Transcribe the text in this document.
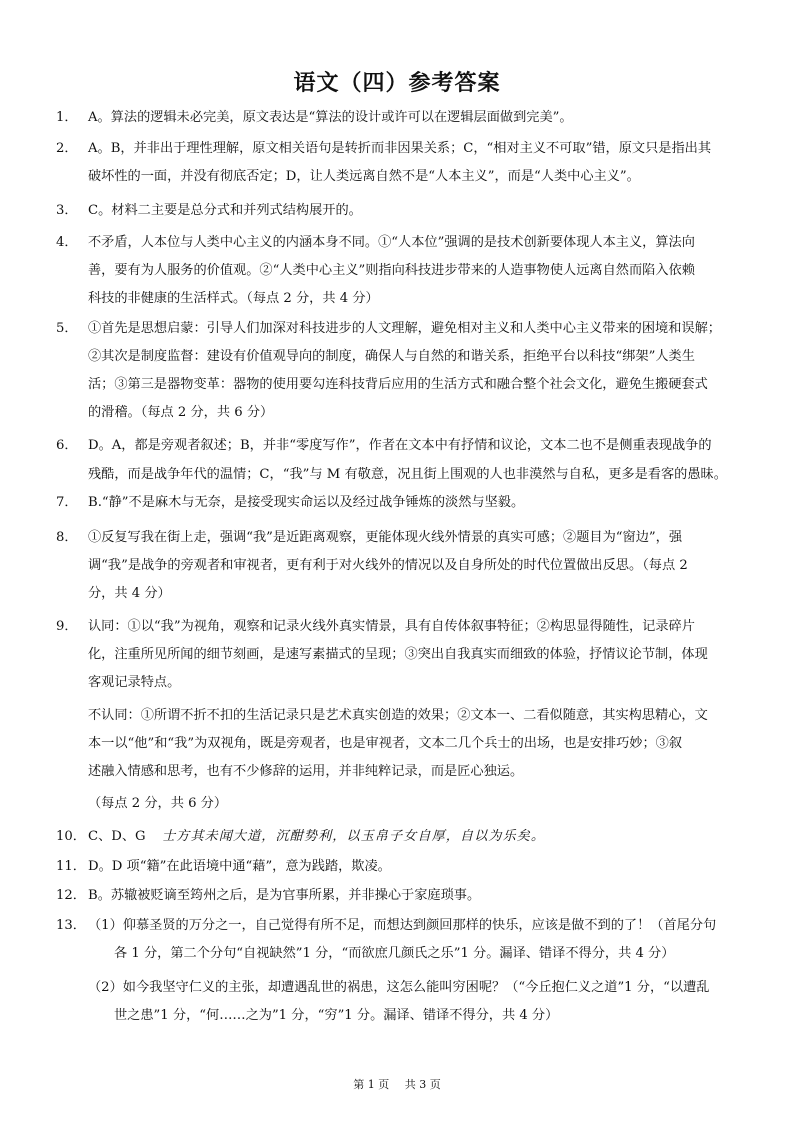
语文（四）参考答案
1． A。算法的逻辑未必完美，原文表达是“算法的设计或许可以在逻辑层面做到完美”。
2． A。B，并非出于理性理解，原文相关语句是转折而非因果关系；C，“相对主义不可取”错，原文只是指出其
破坏性的一面，并没有彻底否定；D，让人类远离自然不是“人本主义”，而是“人类中心主义”。
3． C。材料二主要是总分式和并列式结构展开的。
4． 不矛盾，人本位与人类中心主义的内涵本身不同。①“人本位”强调的是技术创新要体现人本主义，算法向
善，要有为人服务的价值观。②“人类中心主义”则指向科技进步带来的人造事物使人远离自然而陷入依赖
科技的非健康的生活样式。（每点 2 分，共 4 分）
5． ①首先是思想启蒙：引导人们加深对科技进步的人文理解，避免相对主义和人类中心主义带来的困境和误解；
②其次是制度监督：建设有价值观导向的制度，确保人与自然的和谐关系，拒绝平台以科技“绑架”人类生
活；③第三是器物变革：器物的使用要勾连科技背后应用的生活方式和融合整个社会文化，避免生搬硬套式
的滑稽。（每点 2 分，共 6 分）
6． D。A，都是旁观者叙述；B，并非“零度写作”，作者在文本中有抒情和议论，文本二也不是侧重表现战争的
残酷，而是战争年代的温情；C，“我”与 M 有敬意，况且街上围观的人也非漠然与自私，更多是看客的愚昧。
7． B.“静”不是麻木与无奈，是接受现实命运以及经过战争锤炼的淡然与坚毅。
8． ①反复写我在街上走，强调“我”是近距离观察，更能体现火线外情景的真实可感；②题目为“窗边”，强
调“我”是战争的旁观者和审视者，更有利于对火线外的情况以及自身所处的时代位置做出反思。（每点 2
分，共 4 分）
9． 认同：①以“我”为视角，观察和记录火线外真实情景，具有自传体叙事特征；②构思显得随性，记录碎片
化，注重所见所闻的细节刻画，是速写素描式的呈现；③突出自我真实而细致的体验，抒情议论节制，体现
客观记录特点。
不认同：①所谓不折不扣的生活记录只是艺术真实创造的效果；②文本一、二看似随意，其实构思精心，文
本一以“他”和“我”为双视角，既是旁观者，也是审视者，文本二几个兵士的出场，也是安排巧妙；③叙
述融入情感和思考，也有不少修辞的运用，并非纯粹记录，而是匠心独运。
（每点 2 分，共 6 分）
10． C、D、G 士方其未闻大道，沉酣势利，以玉帛子女自厚，自以为乐矣。
11． D。D 项“籍”在此语境中通“藉”，意为践踏，欺凌。
12． B。苏辙被贬谪至筠州之后，是为官事所累，并非操心于家庭琐事。
13． （1）仰慕圣贤的万分之一，自己觉得有所不足，而想达到颜回那样的快乐，应该是做不到的了！（首尾分句
各 1 分，第二个分句“自视缺然”1 分，“而欲庶几颜氏之乐”1 分。漏译、错译不得分，共 4 分）
（2）如今我坚守仁义的主张，却遭遇乱世的祸患，这怎么能叫穷困呢？（“今丘抱仁义之道”1 分，“以遭乱
世之患”1 分，“何……之为”1 分，“穷”1 分。漏译、错译不得分，共 4 分）
第 1 页 共 3 页
